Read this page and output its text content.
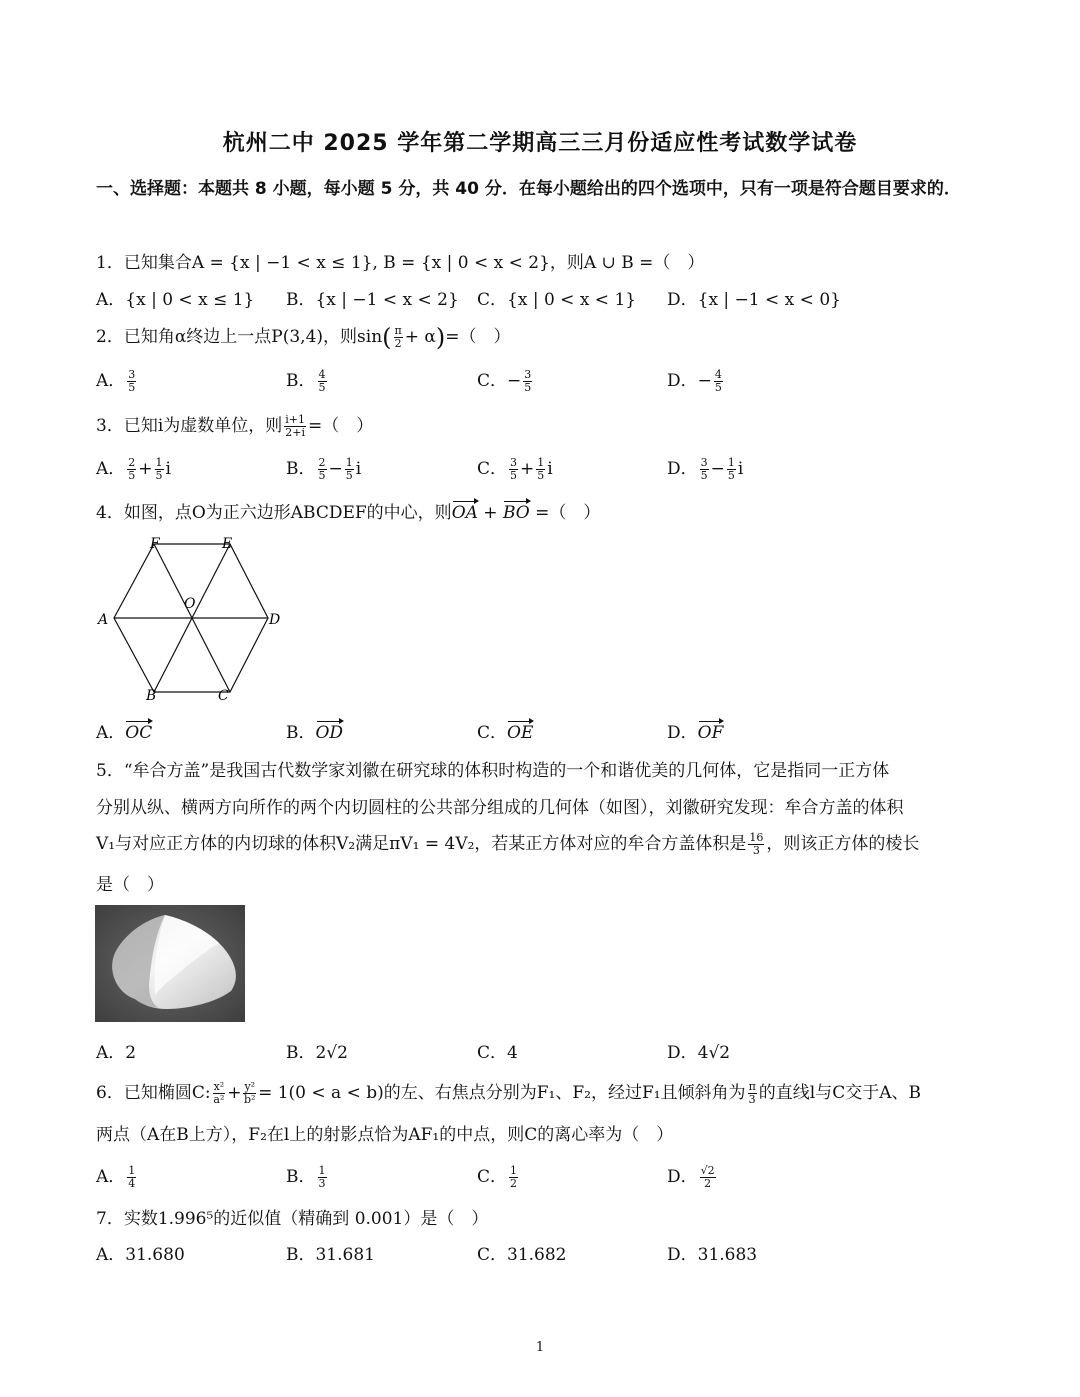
杭州二中 2025 学年第二学期高三三月份适应性考试数学试卷
一、选择题：本题共 8 小题，每小题 5 分，共 40 分．在每小题给出的四个选项中，只有一项是符合题目要求的．
1．已知集合A = {x | −1 < x ≤ 1}, B = {x | 0 < x < 2}，则A ∪ B =（　）
A．{x | 0 < x ≤ 1} B．{x | −1 < x < 2} C．{x | 0 < x < 1} D．{x | −1 < x < 0}
2．已知角α终边上一点P(3,4)，则$\sin( \frac{\pi}{2} + \alpha)=$（　）
A． $\frac{3}{5}$	B． $\frac{4}{5}$	C．− $\frac{3}{5}$	D．− $\frac{4}{5}$
3．已知i为虚数单位，则 $\frac{i+1}{2+i}$ =（　）
A． $\frac{2}{5} + \frac{1}{5}$ i	B． $\frac{2}{5} - \frac{1}{5}$ i	C． $\frac{3}{5} + \frac{1}{5}$ i	D． $\frac{3}{5} - \frac{1}{5}$ i
4．如图，点O为正六边形ABCDEF的中心，则OA + BO =（　）
F	E
A	D
O
B	C
A．OC	B．OD	C．OE	D．OF
5．“牟合方盖”是我国古代数学家刘徽在研究球的体积时构造的一个和谐优美的几何体，它是指同一正方体
分别从纵、横两方向所作的两个内切圆柱的公共部分组成的几何体（如图），刘徽研究发现：牟合方盖的体积
V₁与对应正方体的内切球的体积V₂满足πV₁ = 4V₂，若某正方体对应的牟合方盖体积是 $\frac{16}{3}$ ，则该正方体的棱长
是（　）
A．2	B．2√2	C．4	D．4√2
6．已知椭圆C: $\frac{\text{x²}}{\text{a²}} + \frac{\text{y²}}{\text{b²}} = 1(0 < a < b)$的左、右焦点分别为F₁、F₂，经过F₁且倾斜角为 $\frac{\pi}{3}$ 的直线l与C交于A、B
两点（A在B上方），F₂在l上的射影点恰为AF₁的中点，则C的离心率为（　）
A． $\frac{1}{4}$	B． $\frac{1}{3}$	C． $\frac{1}{2}$	D． $\frac{√2}{2}$
7．实数1.996⁵的近似值（精确到 0.001）是（　）
A．31.680	B．31.681	C．31.682	D．31.683
1
